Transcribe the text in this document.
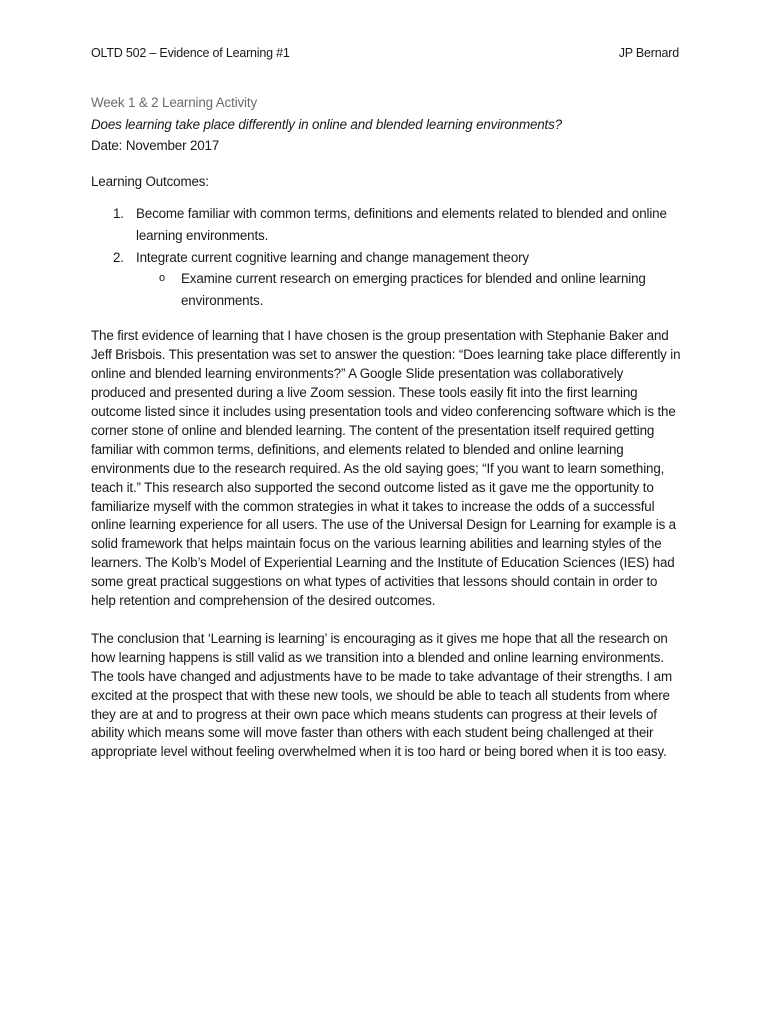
OLTD 502 – Evidence of Learning #1	JP Bernard

Week 1 & 2 Learning Activity

Does learning take place differently in online and blended learning environments?

Date: November 2017

Learning Outcomes:

1. Become familiar with common terms, definitions and elements related to blended and online learning environments.
2. Integrate current cognitive learning and change management theory
o Examine current research on emerging practices for blended and online learning environments.

The first evidence of learning that I have chosen is the group presentation with Stephanie Baker and Jeff Brisbois. This presentation was set to answer the question: “Does learning take place differently in online and blended learning environments?” A Google Slide presentation was collaboratively produced and presented during a live Zoom session. These tools easily fit into the first learning outcome listed since it includes using presentation tools and video conferencing software which is the corner stone of online and blended learning. The content of the presentation itself required getting familiar with common terms, definitions, and elements related to blended and online learning environments due to the research required. As the old saying goes; “If you want to learn something, teach it.” This research also supported the second outcome listed as it gave me the opportunity to familiarize myself with the common strategies in what it takes to increase the odds of a successful online learning experience for all users. The use of the Universal Design for Learning for example is a solid framework that helps maintain focus on the various learning abilities and learning styles of the learners. The Kolb’s Model of Experiential Learning and the Institute of Education Sciences (IES) had some great practical suggestions on what types of activities that lessons should contain in order to help retention and comprehension of the desired outcomes.

The conclusion that ‘Learning is learning’ is encouraging as it gives me hope that all the research on how learning happens is still valid as we transition into a blended and online learning environments. The tools have changed and adjustments have to be made to take advantage of their strengths. I am excited at the prospect that with these new tools, we should be able to teach all students from where they are at and to progress at their own pace which means students can progress at their levels of ability which means some will move faster than others with each student being challenged at their appropriate level without feeling overwhelmed when it is too hard or being bored when it is too easy.
